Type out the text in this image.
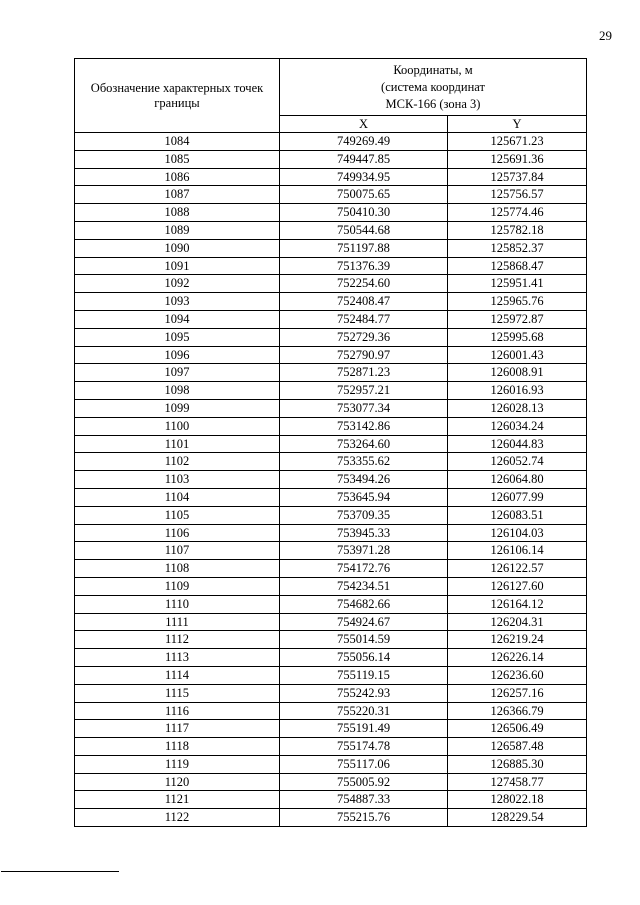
29
Обозначение характерных точек границы	Координаты, м
(система координат
МСК-166 (зона 3)	
	X	Y
1084	749269.49	125671.23
1085	749447.85	125691.36
1086	749934.95	125737.84
1087	750075.65	125756.57
1088	750410.30	125774.46
1089	750544.68	125782.18
1090	751197.88	125852.37
1091	751376.39	125868.47
1092	752254.60	125951.41
1093	752408.47	125965.76
1094	752484.77	125972.87
1095	752729.36	125995.68
1096	752790.97	126001.43
1097	752871.23	126008.91
1098	752957.21	126016.93
1099	753077.34	126028.13
1100	753142.86	126034.24
1101	753264.60	126044.83
1102	753355.62	126052.74
1103	753494.26	126064.80
1104	753645.94	126077.99
1105	753709.35	126083.51
1106	753945.33	126104.03
1107	753971.28	126106.14
1108	754172.76	126122.57
1109	754234.51	126127.60
1110	754682.66	126164.12
1111	754924.67	126204.31
1112	755014.59	126219.24
1113	755056.14	126226.14
1114	755119.15	126236.60
1115	755242.93	126257.16
1116	755220.31	126366.79
1117	755191.49	126506.49
1118	755174.78	126587.48
1119	755117.06	126885.30
1120	755005.92	127458.77
1121	754887.33	128022.18
1122	755215.76	128229.54
